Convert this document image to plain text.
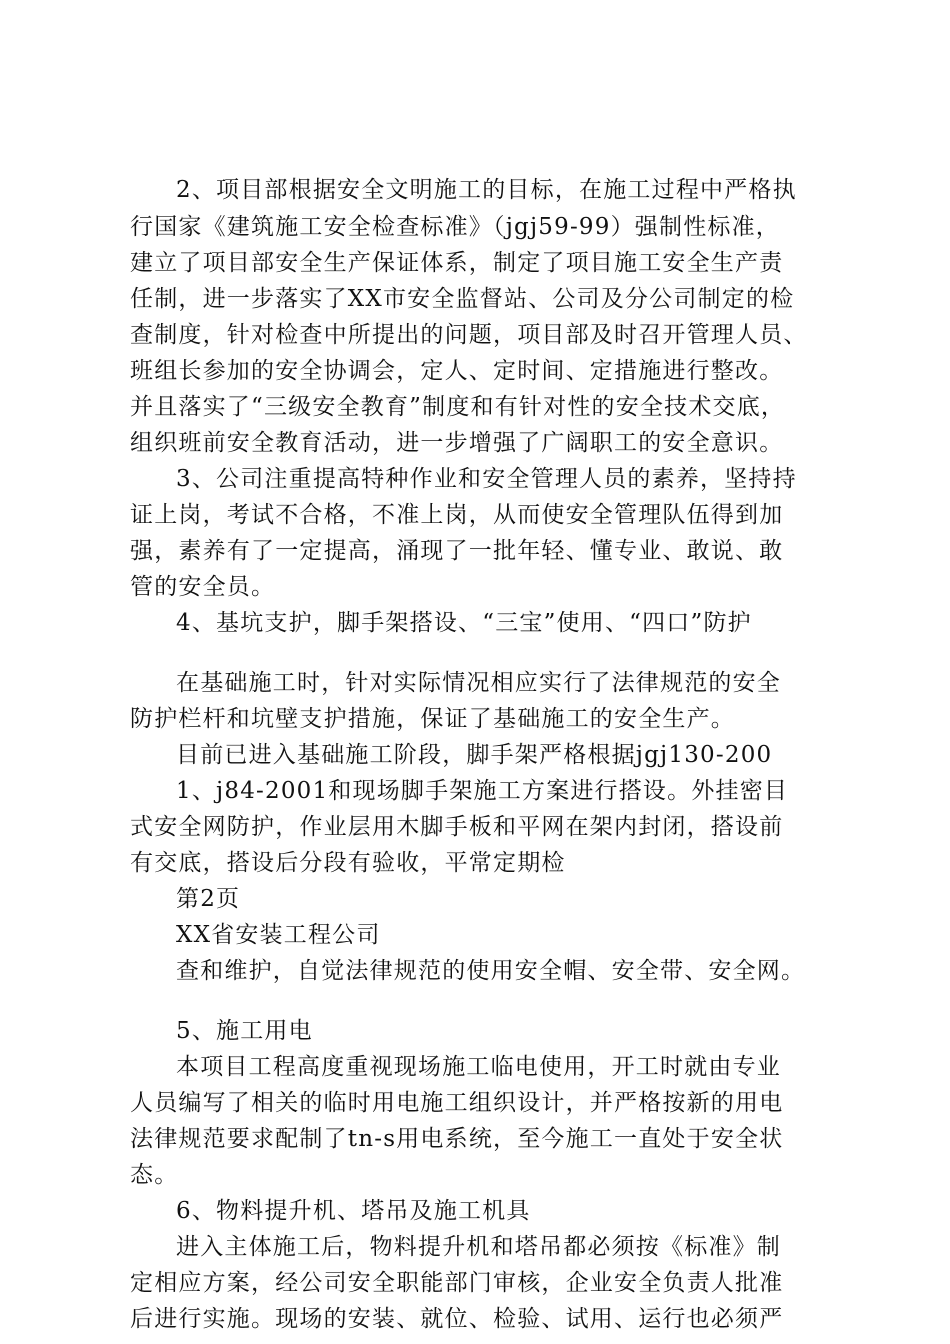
2、项目部根据安全文明施工的目标，在施工过程中严格执

行国家《建筑施工安全检查标准》（jgj59-99）强制性标准，

建立了项目部安全生产保证体系，制定了项目施工安全生产责

任制，进一步落实了XX市安全监督站、公司及分公司制定的检

查制度，针对检查中所提出的问题，项目部及时召开管理人员、

班组长参加的安全协调会，定人、定时间、定措施进行整改。

并且落实了“三级安全教育”制度和有针对性的安全技术交底，

组织班前安全教育活动，进一步增强了广阔职工的安全意识。

3、公司注重提高特种作业和安全管理人员的素养，坚持持

证上岗，考试不合格，不准上岗，从而使安全管理队伍得到加

强，素养有了一定提高，涌现了一批年轻、懂专业、敢说、敢

管的安全员。

4、基坑支护，脚手架搭设、“三宝”使用、“四口”防护

在基础施工时，针对实际情况相应实行了法律规范的安全

防护栏杆和坑壁支护措施，保证了基础施工的安全生产。

目前已进入基础施工阶段，脚手架严格根据jgj130-200

1、j84-2001和现场脚手架施工方案进行搭设。外挂密目

式安全网防护，作业层用木脚手板和平网在架内封闭，搭设前

有交底，搭设后分段有验收，平常定期检

第2页

XX省安装工程公司

查和维护，自觉法律规范的使用安全帽、安全带、安全网。

5、施工用电

本项目工程高度重视现场施工临电使用，开工时就由专业

人员编写了相关的临时用电施工组织设计，并严格按新的用电

法律规范要求配制了tn-s用电系统，至今施工一直处于安全状

态。

6、物料提升机、塔吊及施工机具

进入主体施工后，物料提升机和塔吊都必须按《标准》制

定相应方案，经公司安全职能部门审核，企业安全负责人批准

后进行实施。现场的安装、就位、检验、试用、运行也必须严
